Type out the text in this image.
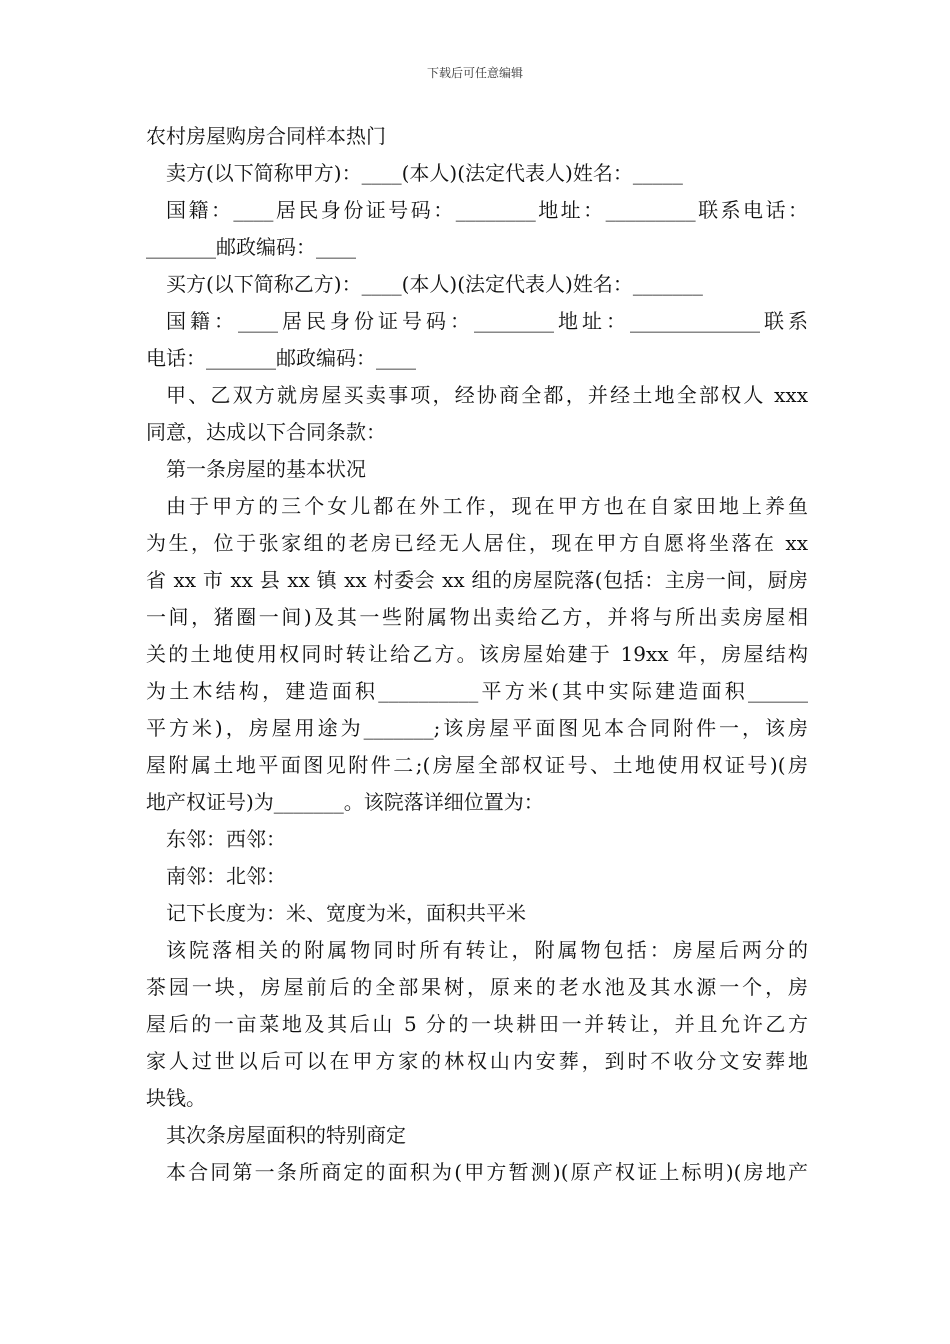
下载后可任意编辑
农村房屋购房合同样本热门
卖方(以下简称甲方)：____(本人)(法定代表人)姓名：_____
国籍：____居民身份证号码：________地址：_________联系电话：
_______邮政编码：____
买方(以下简称乙方)：____(本人)(法定代表人)姓名：_______
国籍：____居民身份证号码：________地址：_____________联系
电话：_______邮政编码：____
甲、乙双方就房屋买卖事项，经协商全都，并经土地全部权人 xxx
同意，达成以下合同条款：
第一条房屋的基本状况
由于甲方的三个女儿都在外工作，现在甲方也在自家田地上养鱼
为生，位于张家组的老房已经无人居住，现在甲方自愿将坐落在 xx
省 xx 市 xx 县 xx 镇 xx 村委会 xx 组的房屋院落(包括：主房一间，厨房
一间，猪圈一间)及其一些附属物出卖给乙方，并将与所出卖房屋相
关的土地使用权同时转让给乙方。该房屋始建于 19xx 年，房屋结构
为土木结构，建造面积__________平方米(其中实际建造面积______
平方米)，房屋用途为_______;该房屋平面图见本合同附件一，该房
屋附属土地平面图见附件二;(房屋全部权证号、土地使用权证号)(房
地产权证号)为_______。该院落详细位置为：
东邻：西邻：
南邻：北邻：
记下长度为：米、宽度为米，面积共平米
该院落相关的附属物同时所有转让，附属物包括：房屋后两分的
茶园一块，房屋前后的全部果树，原来的老水池及其水源一个，房
屋后的一亩菜地及其后山 5 分的一块耕田一并转让，并且允许乙方
家人过世以后可以在甲方家的林权山内安葬，到时不收分文安葬地
块钱。
其次条房屋面积的特别商定
本合同第一条所商定的面积为(甲方暂测)(原产权证上标明)(房地产
